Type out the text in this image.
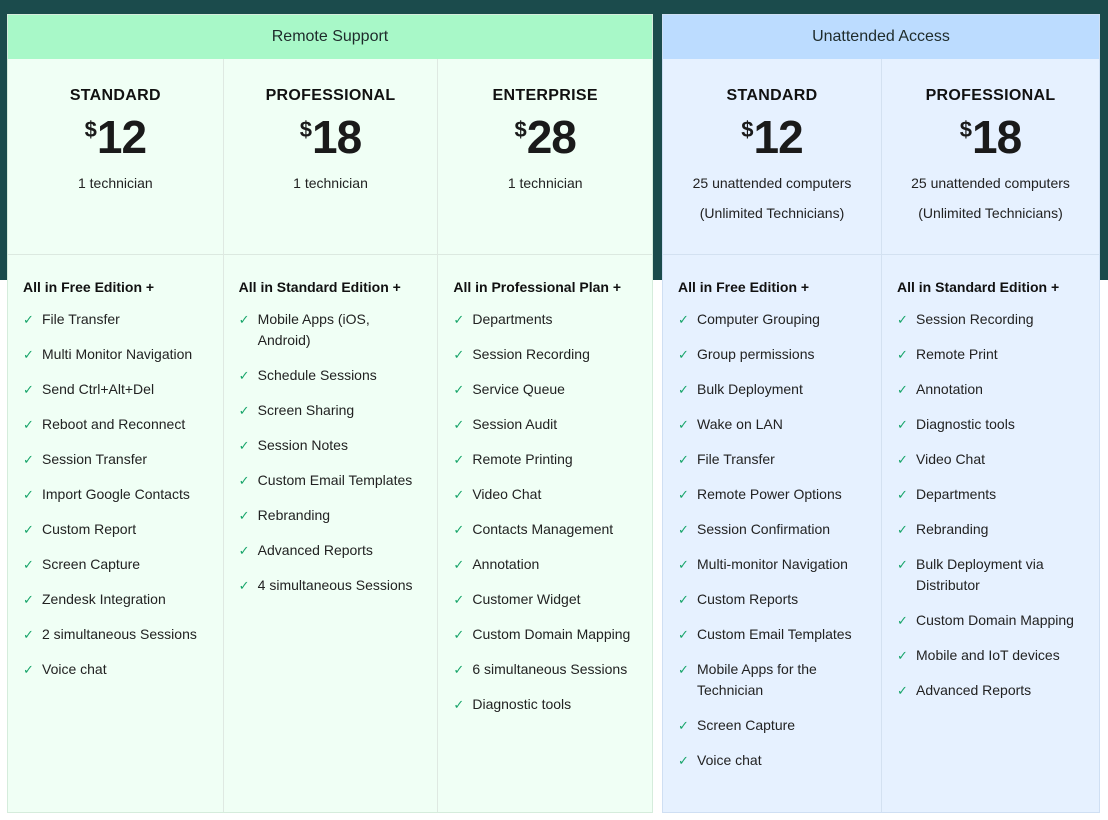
Remote Support
STANDARD
$12
1 technician
All in Free Edition +
✓ File Transfer
✓ Multi Monitor Navigation
✓ Send Ctrl+Alt+Del
✓ Reboot and Reconnect
✓ Session Transfer
✓ Import Google Contacts
✓ Custom Report
✓ Screen Capture
✓ Zendesk Integration
✓ 2 simultaneous Sessions
✓ Voice chat
PROFESSIONAL
$18
1 technician
All in Standard Edition +
✓ Mobile Apps (iOS, Android)
✓ Schedule Sessions
✓ Screen Sharing
✓ Session Notes
✓ Custom Email Templates
✓ Rebranding
✓ Advanced Reports
✓ 4 simultaneous Sessions
ENTERPRISE
$28
1 technician
All in Professional Plan +
✓ Departments
✓ Session Recording
✓ Service Queue
✓ Session Audit
✓ Remote Printing
✓ Video Chat
✓ Contacts Management
✓ Annotation
✓ Customer Widget
✓ Custom Domain Mapping
✓ 6 simultaneous Sessions
✓ Diagnostic tools
Unattended Access
STANDARD
$12
25 unattended computers
(Unlimited Technicians)
All in Free Edition +
✓ Computer Grouping
✓ Group permissions
✓ Bulk Deployment
✓ Wake on LAN
✓ File Transfer
✓ Remote Power Options
✓ Session Confirmation
✓ Multi-monitor Navigation
✓ Custom Reports
✓ Custom Email Templates
✓ Mobile Apps for the Technician
✓ Screen Capture
✓ Voice chat
PROFESSIONAL
$18
25 unattended computers
(Unlimited Technicians)
All in Standard Edition +
✓ Session Recording
✓ Remote Print
✓ Annotation
✓ Diagnostic tools
✓ Video Chat
✓ Departments
✓ Rebranding
✓ Bulk Deployment via Distributor
✓ Custom Domain Mapping
✓ Mobile and IoT devices
✓ Advanced Reports
